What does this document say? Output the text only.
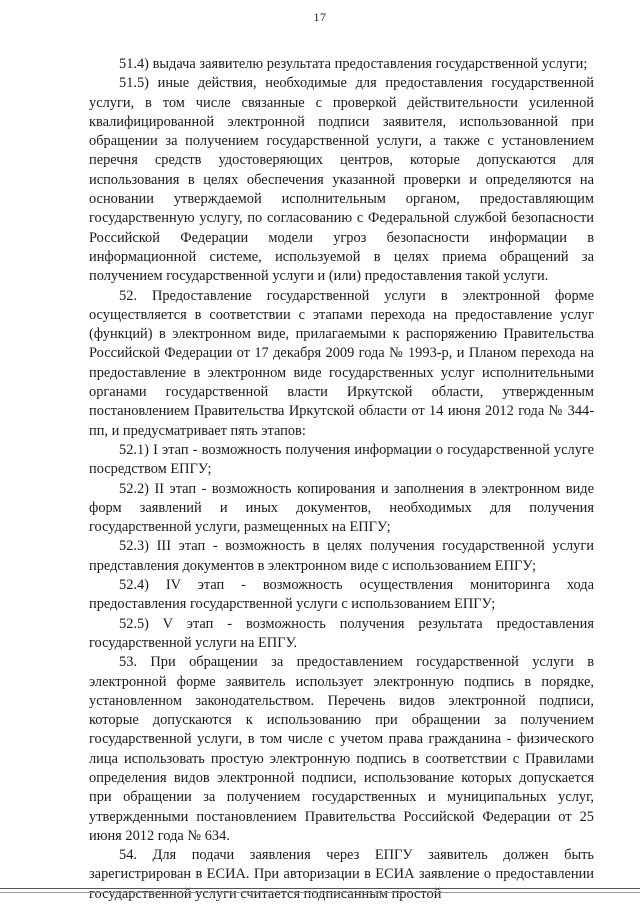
17

51.4) выдача заявителю результата предоставления государственной услуги;

51.5) иные действия, необходимые для предоставления государственной услуги, в том числе связанные с проверкой действительности усиленной квалифицированной электронной подписи заявителя, использованной при обращении за получением государственной услуги, а также с установлением перечня средств удостоверяющих центров, которые допускаются для использования в целях обеспечения указанной проверки и определяются на основании утверждаемой исполнительным органом, предоставляющим государственную услугу, по согласованию с Федеральной службой безопасности Российской Федерации модели угроз безопасности информации в информационной системе, используемой в целях приема обращений за получением государственной услуги и (или) предоставления такой услуги.

52. Предоставление государственной услуги в электронной форме осуществляется в соответствии с этапами перехода на предоставление услуг (функций) в электронном виде, прилагаемыми к распоряжению Правительства Российской Федерации от 17 декабря 2009 года № 1993-р, и Планом перехода на предоставление в электронном виде государственных услуг исполнительными органами государственной власти Иркутской области, утвержденным постановлением Правительства Иркутской области от 14 июня 2012 года № 344-пп, и предусматривает пять этапов:

52.1) I этап - возможность получения информации о государственной услуге посредством ЕПГУ;

52.2) II этап - возможность копирования и заполнения в электронном виде форм заявлений и иных документов, необходимых для получения государственной услуги, размещенных на ЕПГУ;

52.3) III этап - возможность в целях получения государственной услуги представления документов в электронном виде с использованием ЕПГУ;

52.4) IV этап - возможность осуществления мониторинга хода предоставления государственной услуги с использованием ЕПГУ;

52.5) V этап - возможность получения результата предоставления государственной услуги на ЕПГУ.

53. При обращении за предоставлением государственной услуги в электронной форме заявитель использует электронную подпись в порядке, установленном законодательством. Перечень видов электронной подписи, которые допускаются к использованию при обращении за получением государственной услуги, в том числе с учетом права гражданина - физического лица использовать простую электронную подпись в соответствии с Правилами определения видов электронной подписи, использование которых допускается при обращении за получением государственных и муниципальных услуг, утвержденными постановлением Правительства Российской Федерации от 25 июня 2012 года № 634.

54. Для подачи заявления через ЕПГУ заявитель должен быть зарегистрирован в ЕСИА. При авторизации в ЕСИА заявление о предоставлении государственной услуги считается подписанным простой
